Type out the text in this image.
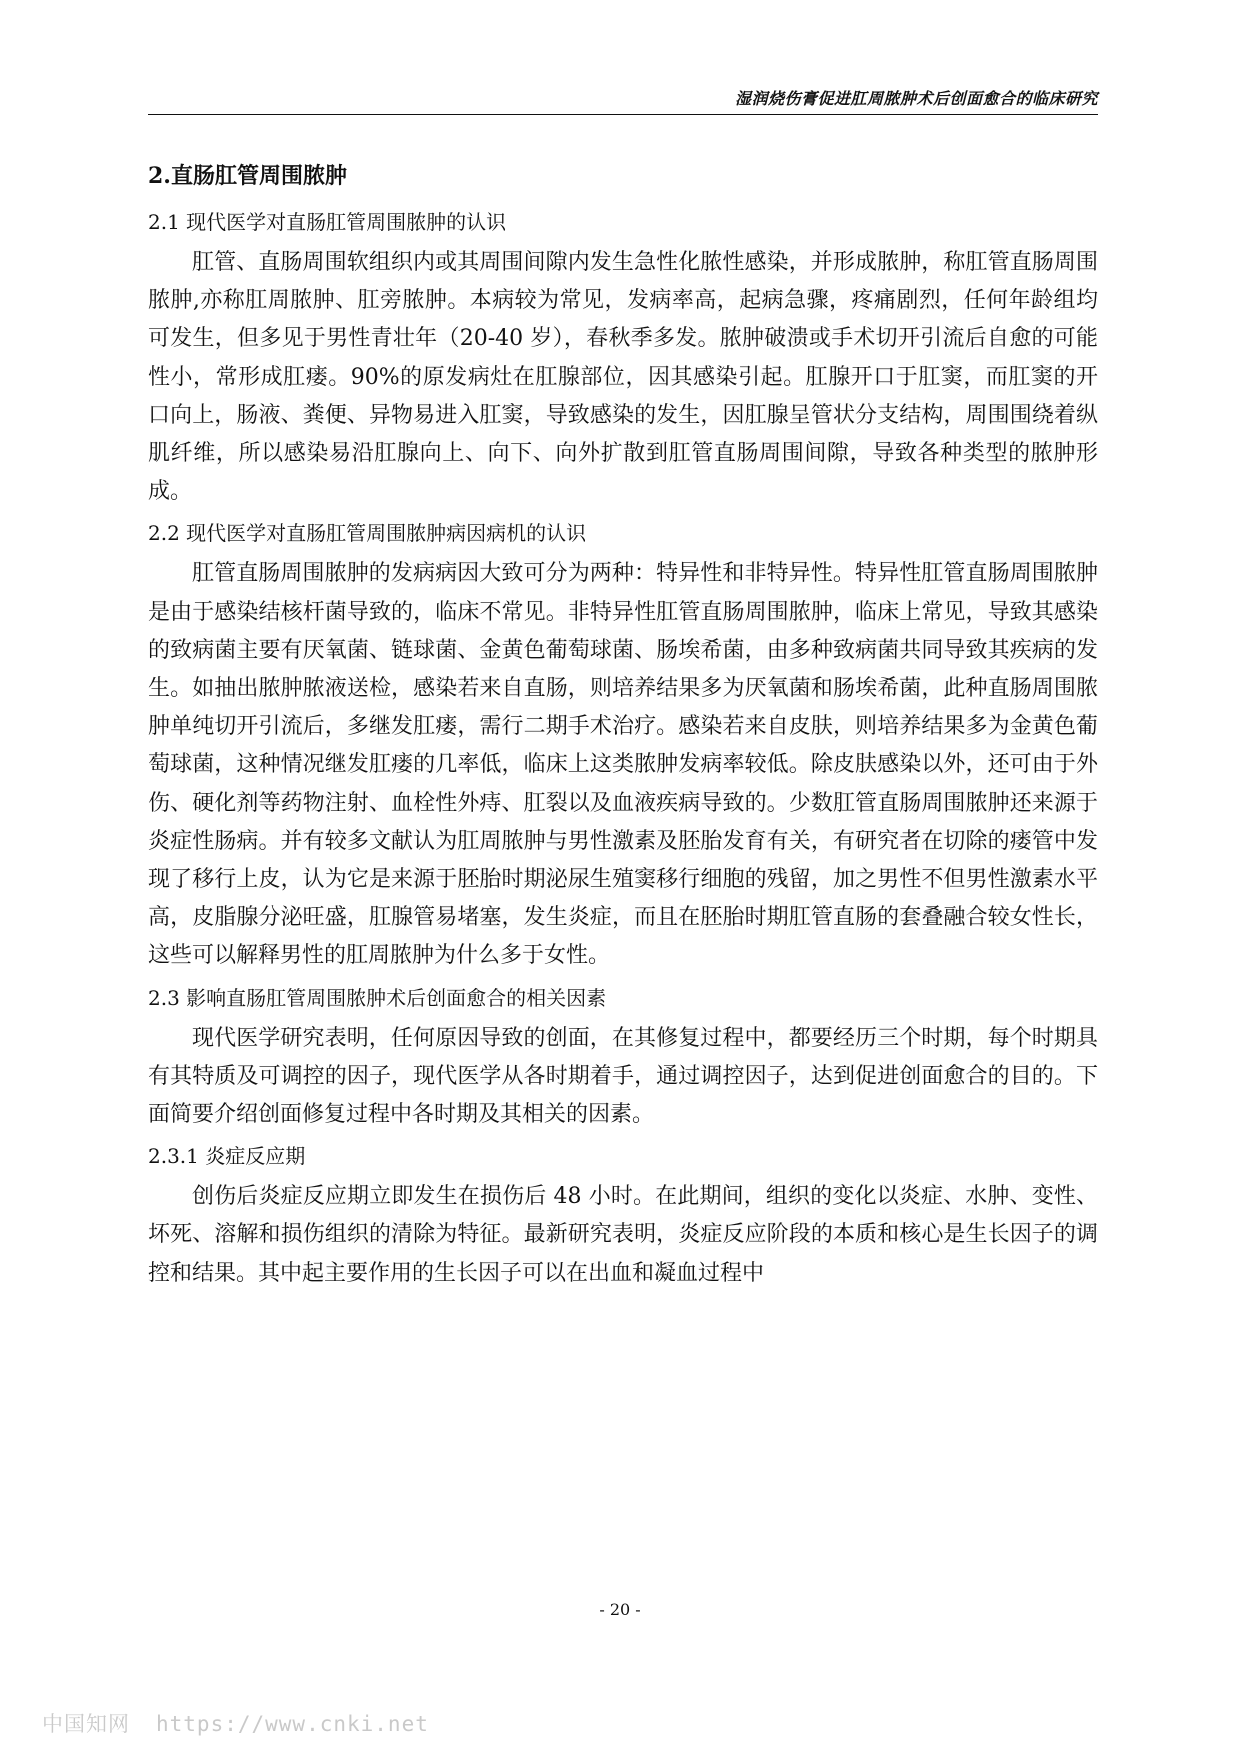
湿润烧伤膏促进肛周脓肿术后创面愈合的临床研究
2.直肠肛管周围脓肿
2.1 现代医学对直肠肛管周围脓肿的认识

肛管、直肠周围软组织内或其周围间隙内发生急性化脓性感染，并形成脓肿，称肛管直肠周围脓肿,亦称肛周脓肿、肛旁脓肿。本病较为常见，发病率高，起病急骤，疼痛剧烈，任何年龄组均可发生，但多见于男性青壮年（20-40 岁），春秋季多发。脓肿破溃或手术切开引流后自愈的可能性小，常形成肛瘘。90%的原发病灶在肛腺部位，因其感染引起。肛腺开口于肛窦，而肛窦的开口向上，肠液、粪便、异物易进入肛窦，导致感染的发生，因肛腺呈管状分支结构，周围围绕着纵肌纤维，所以感染易沿肛腺向上、向下、向外扩散到肛管直肠周围间隙，导致各种类型的脓肿形成。

2.2 现代医学对直肠肛管周围脓肿病因病机的认识

肛管直肠周围脓肿的发病病因大致可分为两种：特异性和非特异性。特异性肛管直肠周围脓肿是由于感染结核杆菌导致的，临床不常见。非特异性肛管直肠周围脓肿，临床上常见，导致其感染的致病菌主要有厌氧菌、链球菌、金黄色葡萄球菌、肠埃希菌，由多种致病菌共同导致其疾病的发生。如抽出脓肿脓液送检，感染若来自直肠，则培养结果多为厌氧菌和肠埃希菌，此种直肠周围脓肿单纯切开引流后，多继发肛瘘，需行二期手术治疗。感染若来自皮肤，则培养结果多为金黄色葡萄球菌，这种情况继发肛瘘的几率低，临床上这类脓肿发病率较低。除皮肤感染以外，还可由于外伤、硬化剂等药物注射、血栓性外痔、肛裂以及血液疾病导致的。少数肛管直肠周围脓肿还来源于炎症性肠病。并有较多文献认为肛周脓肿与男性激素及胚胎发育有关，有研究者在切除的瘘管中发现了移行上皮，认为它是来源于胚胎时期泌尿生殖窦移行细胞的残留，加之男性不但男性激素水平高，皮脂腺分泌旺盛，肛腺管易堵塞，发生炎症，而且在胚胎时期肛管直肠的套叠融合较女性长，这些可以解释男性的肛周脓肿为什么多于女性。

2.3 影响直肠肛管周围脓肿术后创面愈合的相关因素

现代医学研究表明，任何原因导致的创面，在其修复过程中，都要经历三个时期，每个时期具有其特质及可调控的因子，现代医学从各时期着手，通过调控因子，达到促进创面愈合的目的。下面简要介绍创面修复过程中各时期及其相关的因素。

2.3.1 炎症反应期

创伤后炎症反应期立即发生在损伤后 48 小时。在此期间，组织的变化以炎症、水肿、变性、坏死、溶解和损伤组织的清除为特征。最新研究表明，炎症反应阶段的本质和核心是生长因子的调控和结果。其中起主要作用的生长因子可以在出血和凝血过程中

- 20 -
中国知网 https://www.cnki.net
